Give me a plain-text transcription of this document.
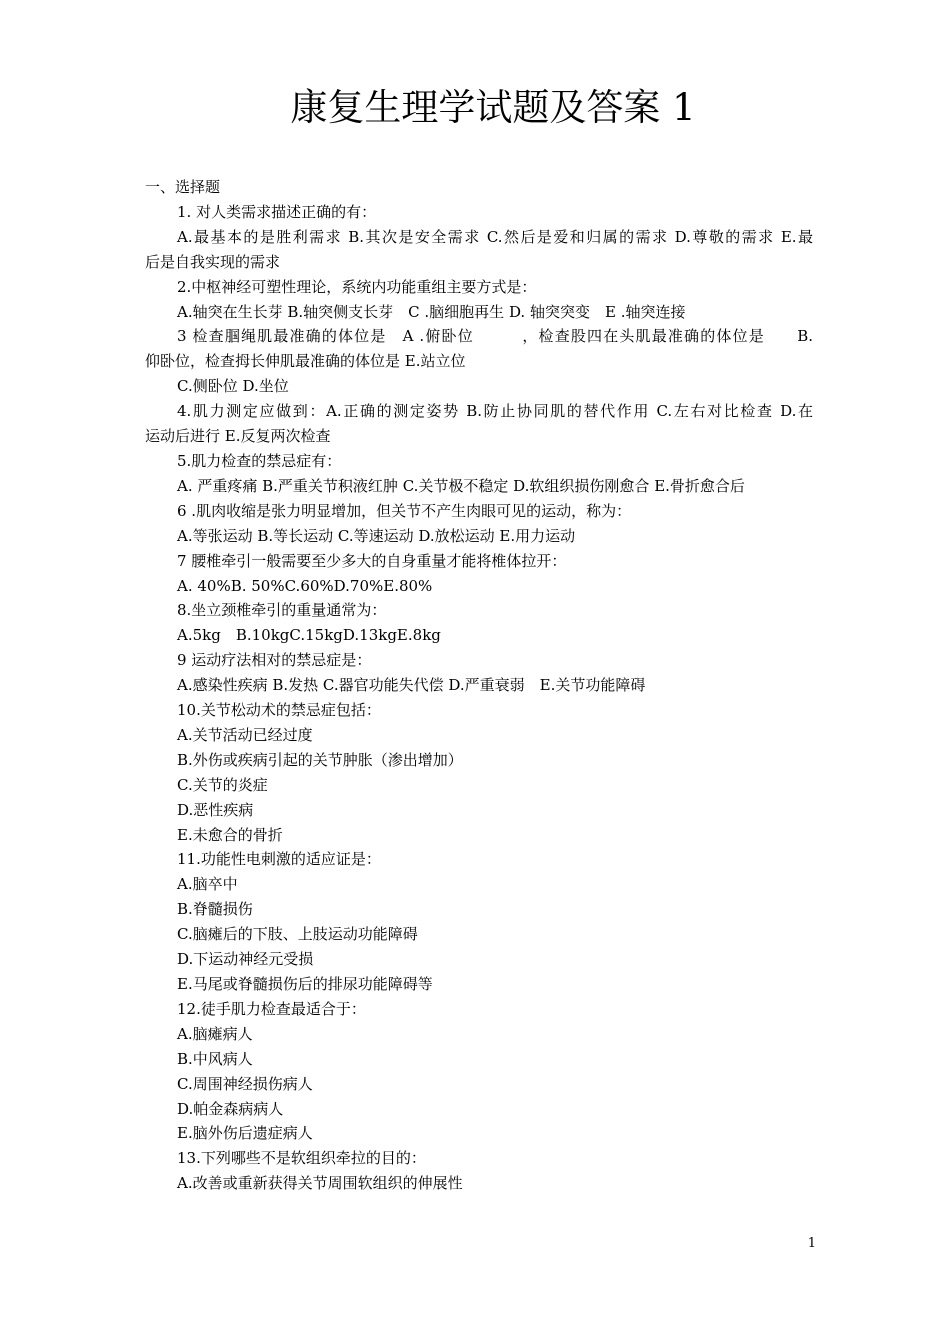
康复生理学试题及答案 1

一、选择题

1. 对人类需求描述正确的有：

A.最基本的是胜利需求 B.其次是安全需求 C.然后是爱和归属的需求 D.尊敬的需求 E.最

后是自我实现的需求

2.中枢神经可塑性理论，系统内功能重组主要方式是：

A.轴突在生长芽 B.轴突侧支长芽　C .脑细胞再生 D. 轴突突变　E .轴突连接

3 检查腘绳肌最准确的体位是　A .俯卧位　　　，检查股四在头肌最准确的体位是　　B.

仰卧位，检查拇长伸肌最准确的体位是 E.站立位

C.侧卧位 D.坐位

4.肌力测定应做到：A.正确的测定姿势 B.防止协同肌的替代作用 C.左右对比检查 D.在

运动后进行 E.反复两次检查

5.肌力检查的禁忌症有：

A. 严重疼痛 B.严重关节积液红肿 C.关节极不稳定 D.软组织损伤刚愈合 E.骨折愈合后

6 .肌肉收缩是张力明显增加，但关节不产生肉眼可见的运动，称为：

A.等张运动 B.等长运动 C.等速运动 D.放松运动 E.用力运动

7 腰椎牵引一般需要至少多大的自身重量才能将椎体拉开：

A. 40%B. 50%C.60%D.70%E.80%

8.坐立颈椎牵引的重量通常为：

A.5kg　B.10kgC.15kgD.13kgE.8kg

9 运动疗法相对的禁忌症是：

A.感染性疾病 B.发热 C.器官功能失代偿 D.严重衰弱　E.关节功能障碍

10.关节松动术的禁忌症包括：

A.关节活动已经过度

B.外伤或疾病引起的关节肿胀（渗出增加）

C.关节的炎症

D.恶性疾病

E.未愈合的骨折

11.功能性电刺激的适应证是：

A.脑卒中

B.脊髓损伤

C.脑瘫后的下肢、上肢运动功能障碍

D.下运动神经元受损

E.马尾或脊髓损伤后的排尿功能障碍等

12.徒手肌力检查最适合于：

A.脑瘫病人

B.中风病人

C.周围神经损伤病人

D.帕金森病病人

E.脑外伤后遗症病人

13.下列哪些不是软组织牵拉的目的：

A.改善或重新获得关节周围软组织的伸展性

1
